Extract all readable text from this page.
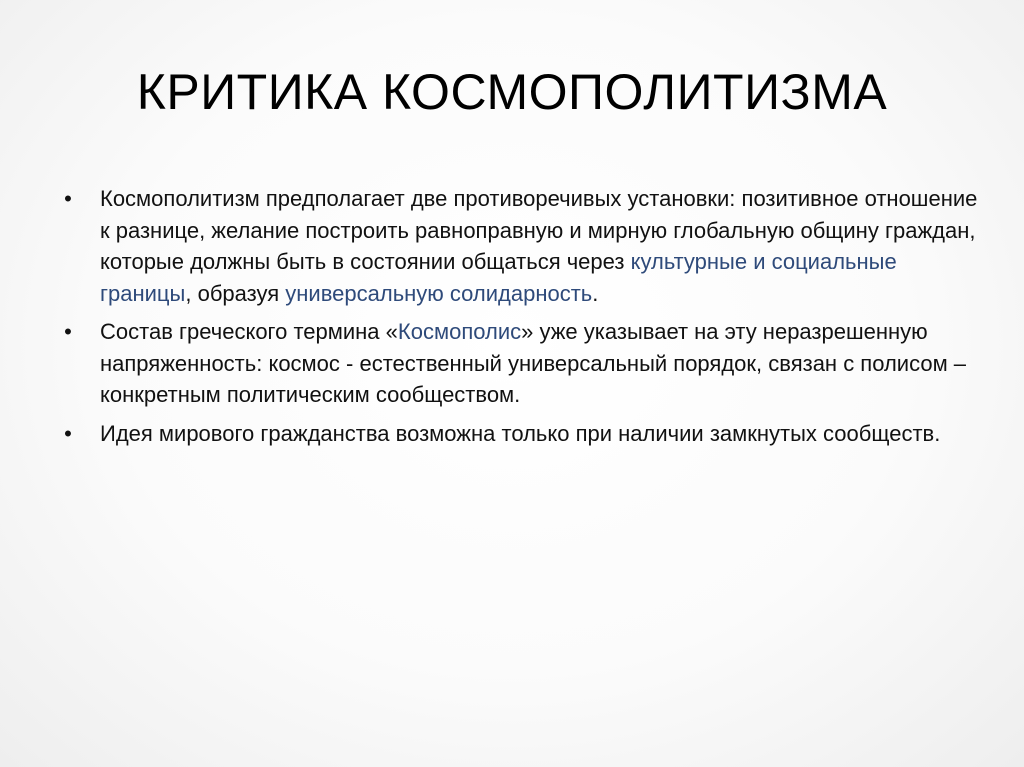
КРИТИКА КОСМОПОЛИТИЗМА
• Космополитизм предполагает две противоречивых установки: позитивное отношение к разнице, желание построить равноправную и мирную глобальную общину граждан, которые должны быть в состоянии общаться через культурные и социальные границы, образуя универсальную солидарность.
• Состав греческого термина «Космополис» уже указывает на эту неразрешенную напряженность: космос - естественный универсальный порядок, связан с полисом – конкретным политическим сообществом.
• Идея мирового гражданства возможна только при наличии замкнутых сообществ.
